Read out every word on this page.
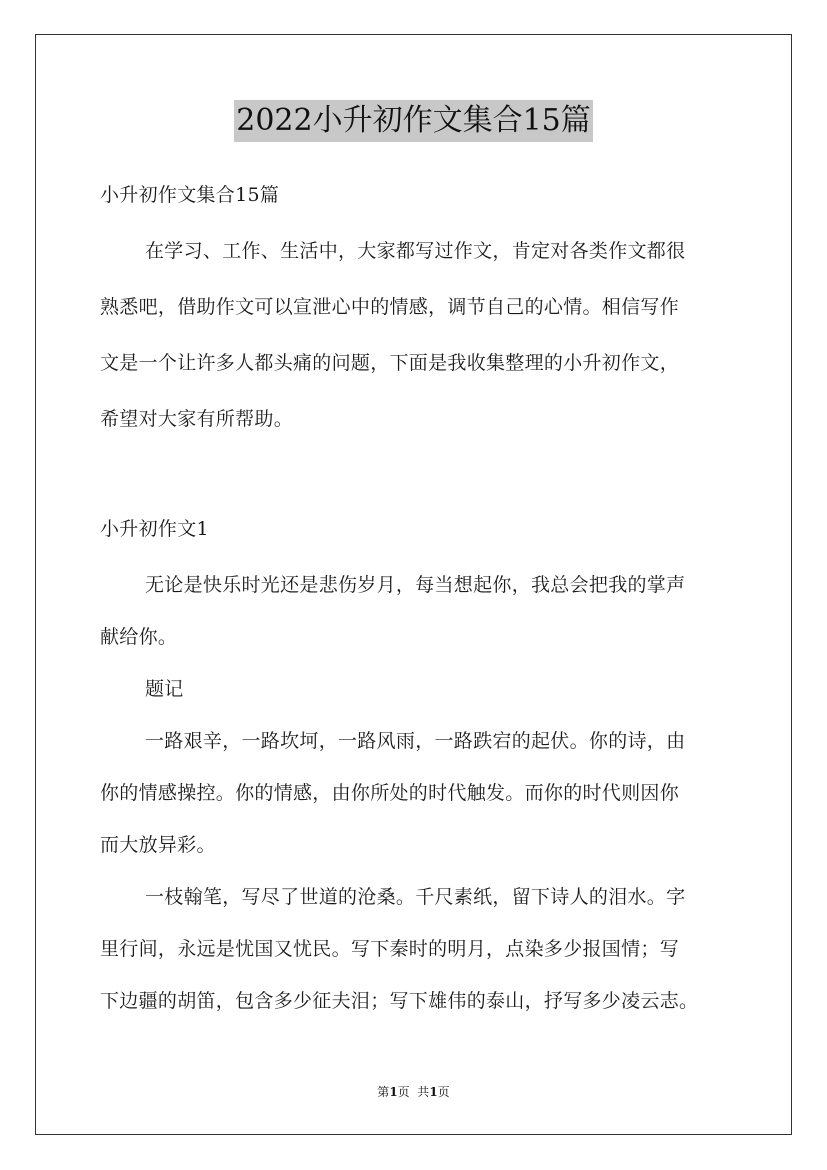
2022小升初作文集合15篇
小升初作文集合15篇
在学习、工作、生活中，大家都写过作文，肯定对各类作文都很
熟悉吧，借助作文可以宣泄心中的情感，调节自己的心情。相信写作
文是一个让许多人都头痛的问题，下面是我收集整理的小升初作文，
希望对大家有所帮助。
小升初作文1
无论是快乐时光还是悲伤岁月，每当想起你，我总会把我的掌声
献给你。
题记
一路艰辛，一路坎坷，一路风雨，一路跌宕的起伏。你的诗，由
你的情感操控。你的情感，由你所处的时代触发。而你的时代则因你
而大放异彩。
一枝翰笔，写尽了世道的沧桑。千尺素纸，留下诗人的泪水。字
里行间，永远是忧国又忧民。写下秦时的明月，点染多少报国情；写
下边疆的胡笛，包含多少征夫泪；写下雄伟的泰山，抒写多少凌云志。
第1页  共1页
